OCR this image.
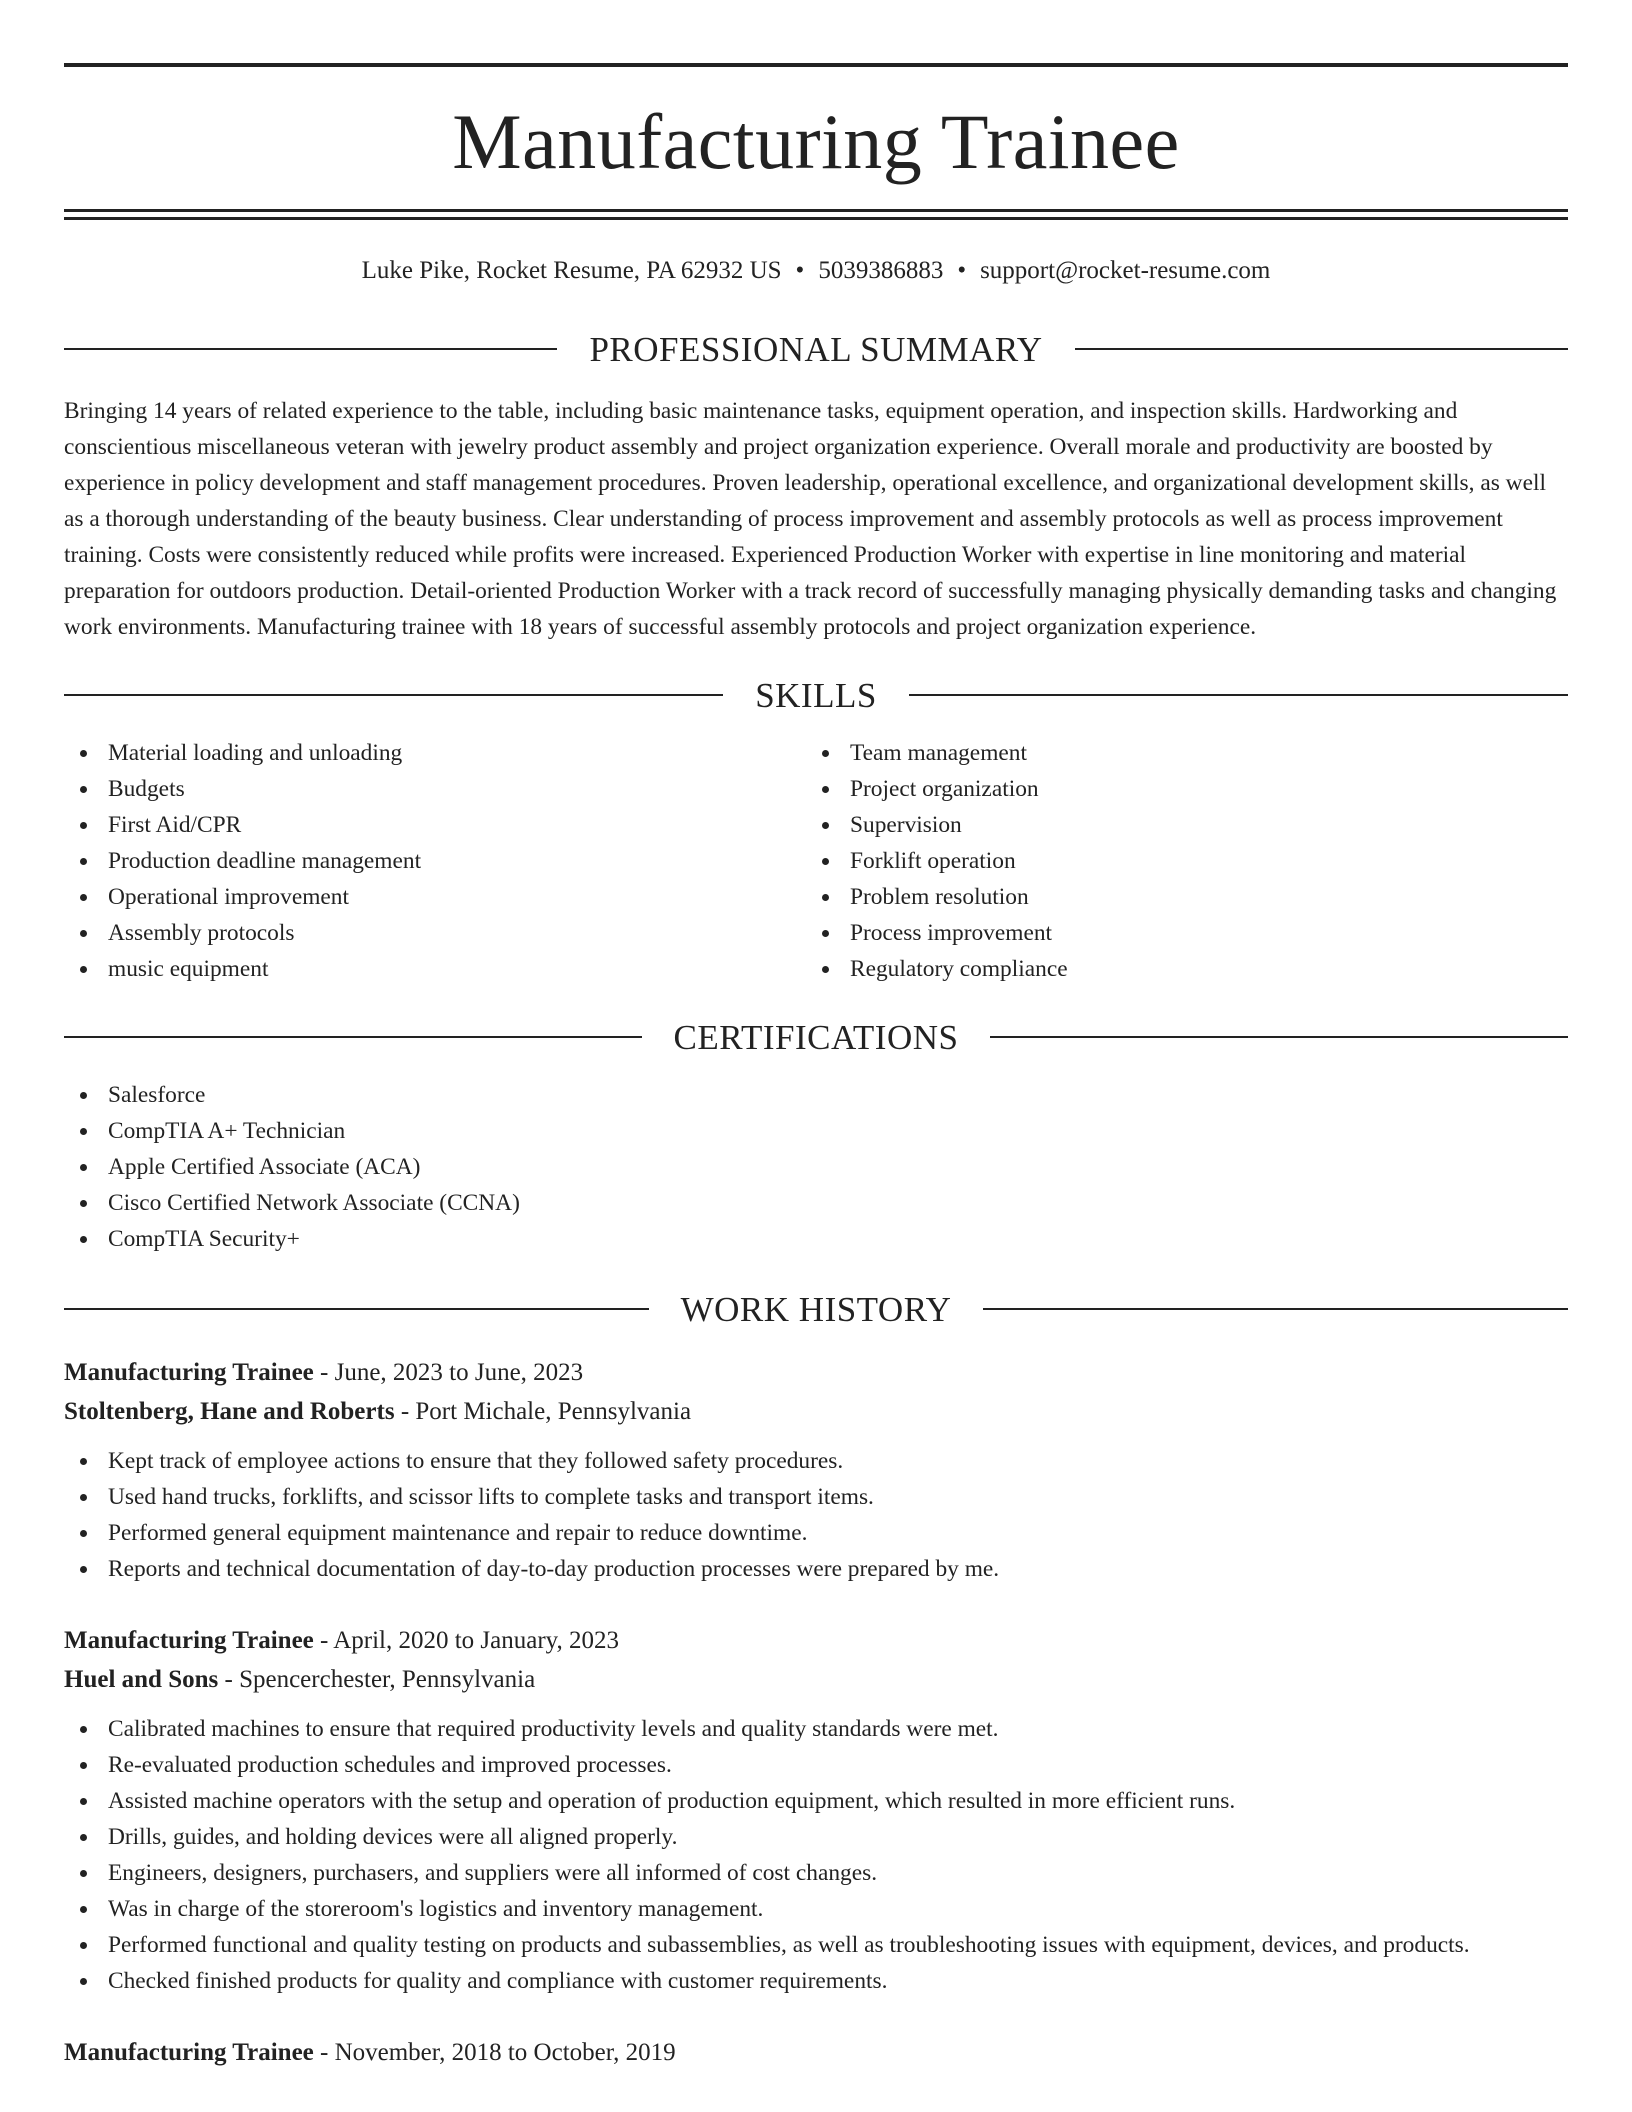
Manufacturing Trainee
Luke Pike, Rocket Resume, PA 62932 US • 5039386883 • support@rocket-resume.com
PROFESSIONAL SUMMARY
Bringing 14 years of related experience to the table, including basic maintenance tasks, equipment operation, and inspection skills. Hardworking and conscientious miscellaneous veteran with jewelry product assembly and project organization experience. Overall morale and productivity are boosted by experience in policy development and staff management procedures. Proven leadership, operational excellence, and organizational development skills, as well as a thorough understanding of the beauty business. Clear understanding of process improvement and assembly protocols as well as process improvement training. Costs were consistently reduced while profits were increased. Experienced Production Worker with expertise in line monitoring and material preparation for outdoors production. Detail-oriented Production Worker with a track record of successfully managing physically demanding tasks and changing work environments. Manufacturing trainee with 18 years of successful assembly protocols and project organization experience.
SKILLS
Material loading and unloading
Budgets
First Aid/CPR
Production deadline management
Operational improvement
Assembly protocols
music equipment
Team management
Project organization
Supervision
Forklift operation
Problem resolution
Process improvement
Regulatory compliance
CERTIFICATIONS
Salesforce
CompTIA A+ Technician
Apple Certified Associate (ACA)
Cisco Certified Network Associate (CCNA)
CompTIA Security+
WORK HISTORY
Manufacturing Trainee - June, 2023 to June, 2023
Stoltenberg, Hane and Roberts - Port Michale, Pennsylvania
Kept track of employee actions to ensure that they followed safety procedures.
Used hand trucks, forklifts, and scissor lifts to complete tasks and transport items.
Performed general equipment maintenance and repair to reduce downtime.
Reports and technical documentation of day-to-day production processes were prepared by me.
Manufacturing Trainee - April, 2020 to January, 2023
Huel and Sons - Spencerchester, Pennsylvania
Calibrated machines to ensure that required productivity levels and quality standards were met.
Re-evaluated production schedules and improved processes.
Assisted machine operators with the setup and operation of production equipment, which resulted in more efficient runs.
Drills, guides, and holding devices were all aligned properly.
Engineers, designers, purchasers, and suppliers were all informed of cost changes.
Was in charge of the storeroom's logistics and inventory management.
Performed functional and quality testing on products and subassemblies, as well as troubleshooting issues with equipment, devices, and products.
Checked finished products for quality and compliance with customer requirements.
Manufacturing Trainee - November, 2018 to October, 2019
